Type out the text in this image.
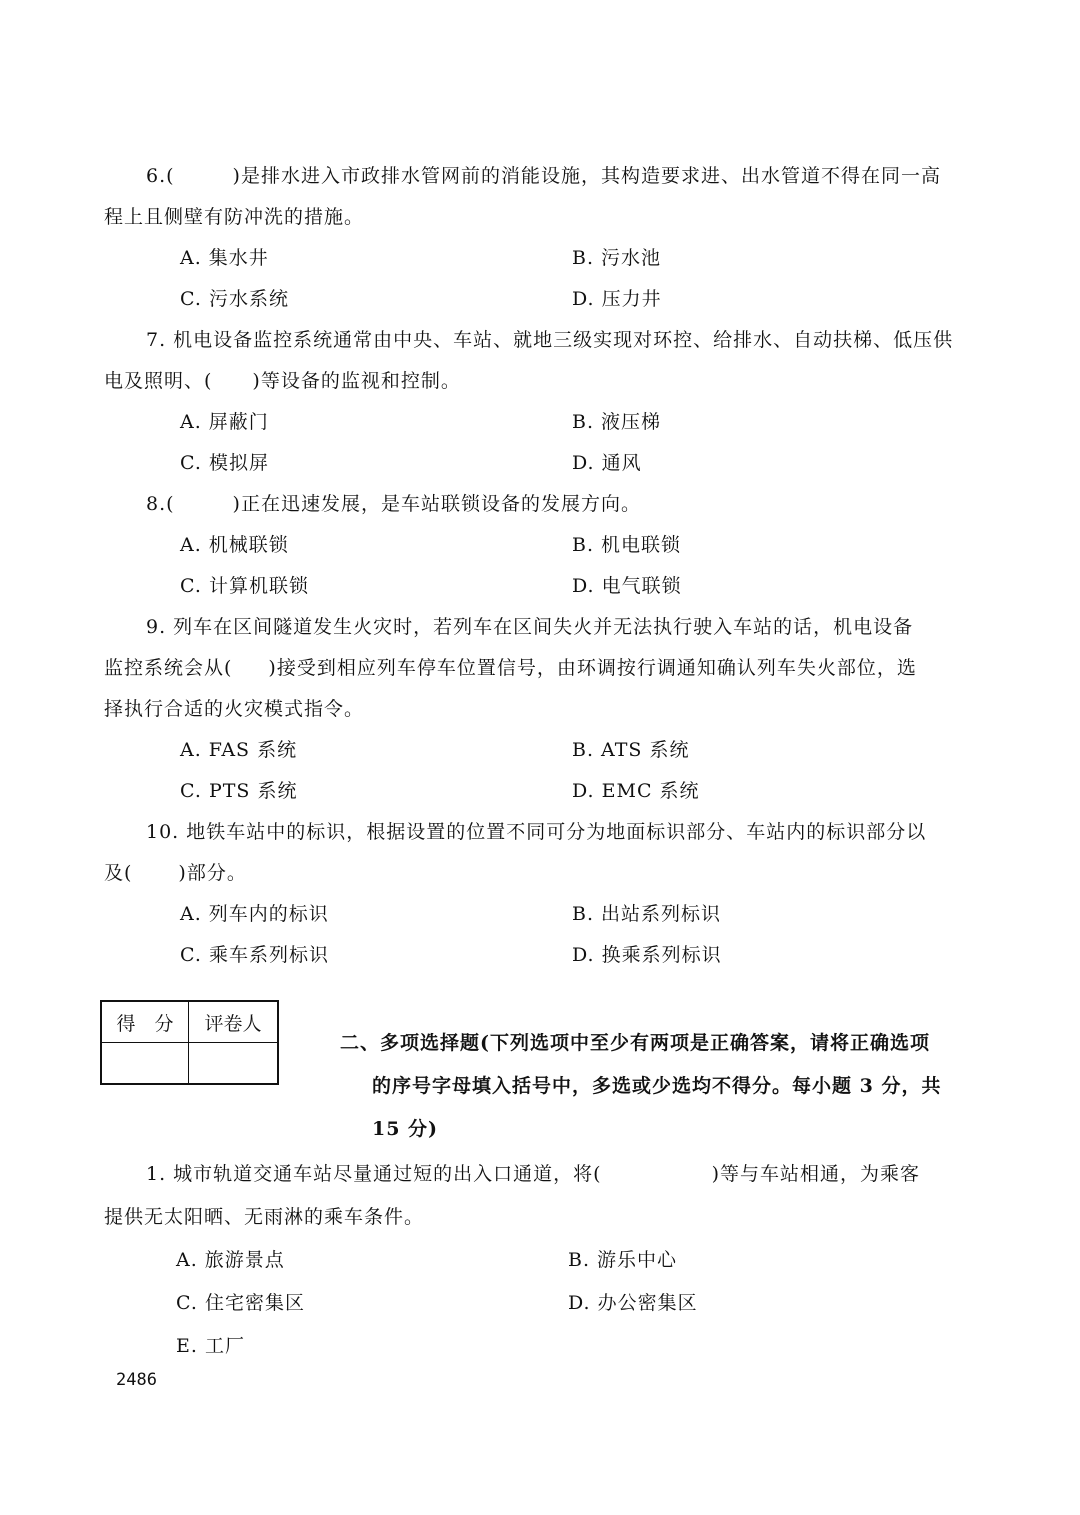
6.(	)是排水进入市政排水管网前的消能设施，其构造要求进、出水管道不得在同一高
程上且侧壁有防冲洗的措施。
A. 集水井	B. 污水池
C. 污水系统	D. 压力井
7. 机电设备监控系统通常由中央、车站、就地三级实现对环控、给排水、自动扶梯、低压供
电及照明、( )等设备的监视和控制。
A. 屏蔽门	B. 液压梯
C. 模拟屏	D. 通风
8.(	)正在迅速发展，是车站联锁设备的发展方向。
A. 机械联锁	B. 机电联锁
C. 计算机联锁	D. 电气联锁
9. 列车在区间隧道发生火灾时，若列车在区间失火并无法执行驶入车站的话，机电设备
监控系统会从( )接受到相应列车停车位置信号，由环调按行调通知确认列车失火部位，选
择执行合适的火灾模式指令。
A. FAS 系统	B. ATS 系统
C. PTS 系统	D. EMC 系统
10. 地铁车站中的标识，根据设置的位置不同可分为地面标识部分、车站内的标识部分以
及( )部分。
A. 列车内的标识	B. 出站系列标识
C. 乘车系列标识	D. 换乘系列标识
得　分	评卷人

二、多项选择题(下列选项中至少有两项是正确答案，请将正确选项
的序号字母填入括号中，多选或少选均不得分。每小题 3 分，共
15 分)
1. 城市轨道交通车站尽量通过短的出入口通道，将(	)等与车站相通，为乘客
提供无太阳晒、无雨淋的乘车条件。
A. 旅游景点	B. 游乐中心
C. 住宅密集区	D. 办公密集区
E. 工厂
2486
